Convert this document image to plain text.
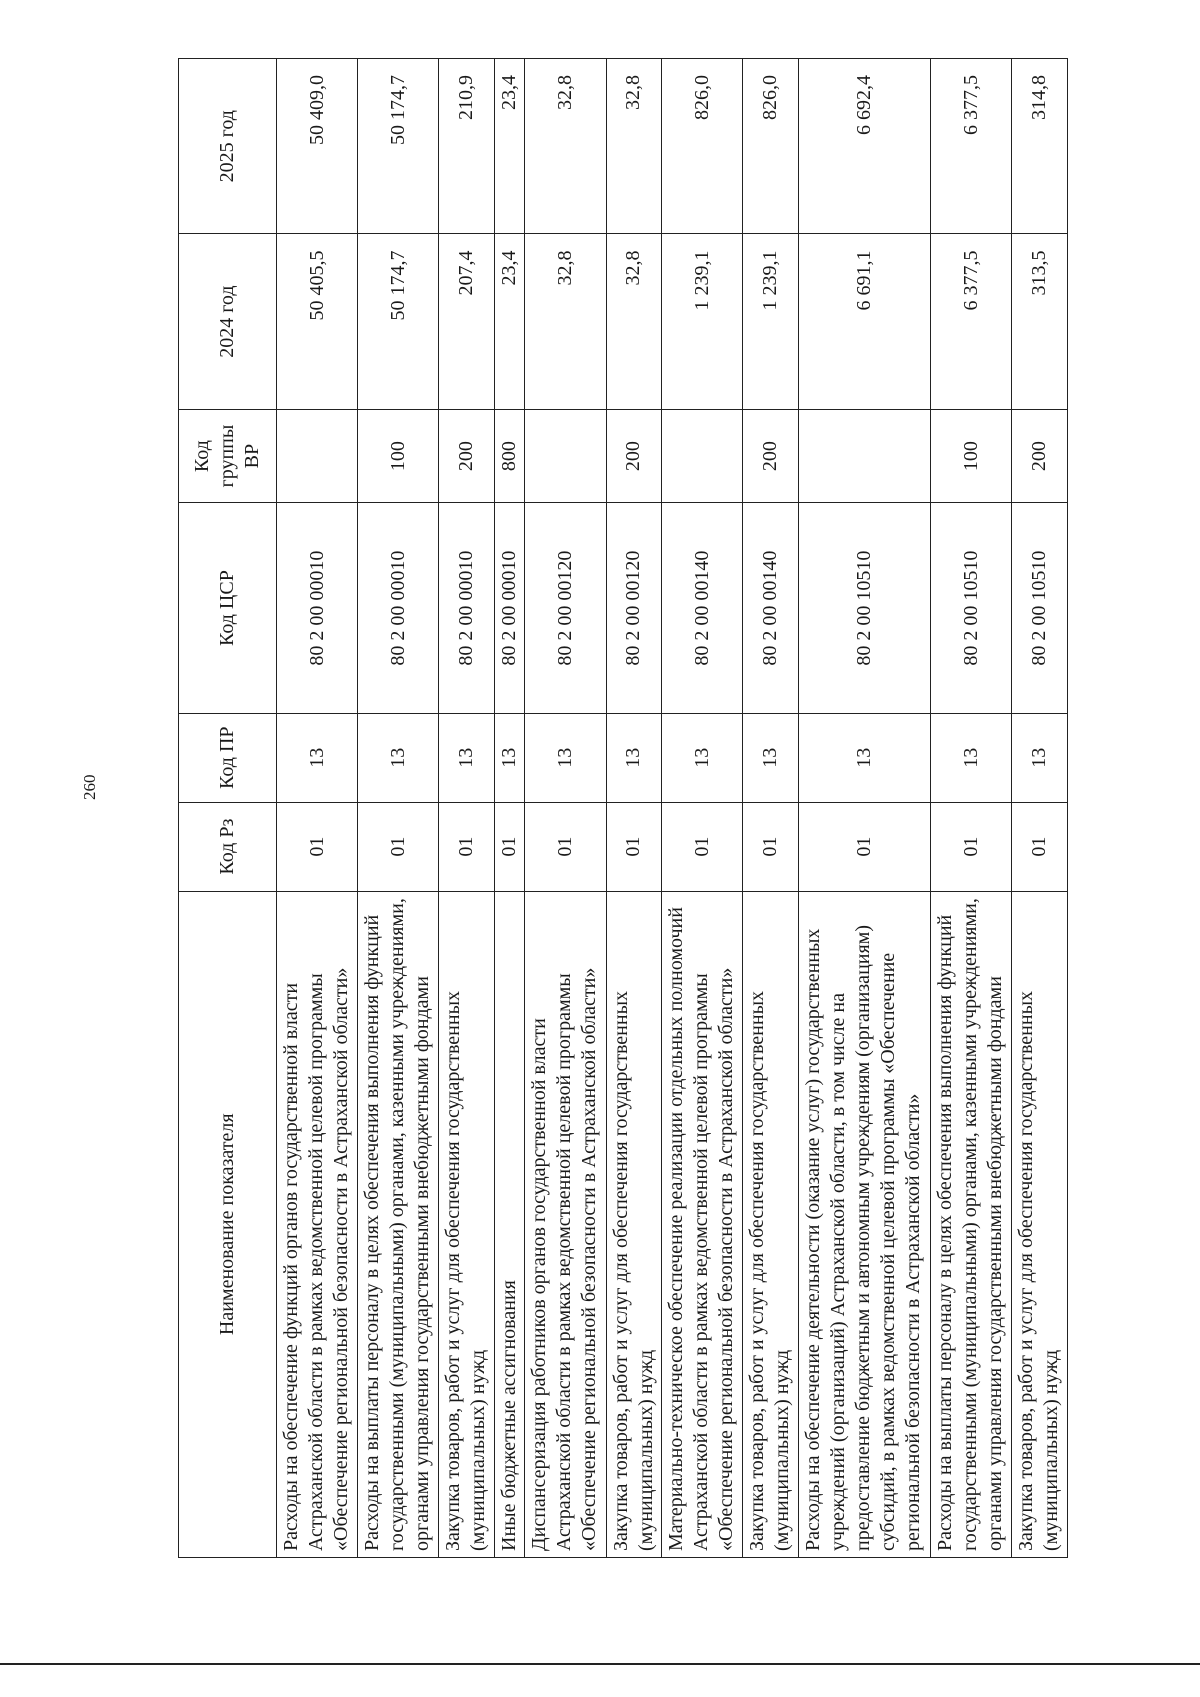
260
Наименование показателя	Код Рз	Код ПР	Код ЦСР	Код группы ВР	2024 год	2025 год
Расходы на обеспечение функций органов государственной власти Астраханской области в рамках ведомственной целевой программы «Обеспечение региональной безопасности в Астраханской области»	01	13	80 2 00 00010		50 405,5	50 409,0
Расходы на выплаты персоналу в целях обеспечения выполнения функций государственными (муниципальными) органами, казенными учреждениями, органами управления государственными внебюджетными фондами	01	13	80 2 00 00010	100	50 174,7	50 174,7
Закупка товаров, работ и услуг для обеспечения государственных (муниципальных) нужд	01	13	80 2 00 00010	200	207,4	210,9
Иные бюджетные ассигнования	01	13	80 2 00 00010	800	23,4	23,4
Диспансеризация работников органов государственной власти Астраханской области в рамках ведомственной целевой программы «Обеспечение региональной безопасности в Астраханской области»	01	13	80 2 00 00120		32,8	32,8
Закупка товаров, работ и услуг для обеспечения государственных (муниципальных) нужд	01	13	80 2 00 00120	200	32,8	32,8
Материально-техническое обеспечение реализации отдельных полномочий Астраханской области в рамках ведомственной целевой программы «Обеспечение региональной безопасности в Астраханской области»	01	13	80 2 00 00140		1 239,1	826,0
Закупка товаров, работ и услуг для обеспечения государственных (муниципальных) нужд	01	13	80 2 00 00140	200	1 239,1	826,0
Расходы на обеспечение деятельности (оказание услуг) государственных учреждений (организаций) Астраханской области, в том числе на предоставление бюджетным и автономным учреждениям (организациям) субсидий, в рамках ведомственной целевой программы «Обеспечение региональной безопасности в Астраханской области»	01	13	80 2 00 10510		6 691,1	6 692,4
Расходы на выплаты персоналу в целях обеспечения выполнения функций государственными (муниципальными) органами, казенными учреждениями, органами управления государственными внебюджетными фондами	01	13	80 2 00 10510	100	6 377,5	6 377,5
Закупка товаров, работ и услуг для обеспечения государственных (муниципальных) нужд	01	13	80 2 00 10510	200	313,5	314,8
